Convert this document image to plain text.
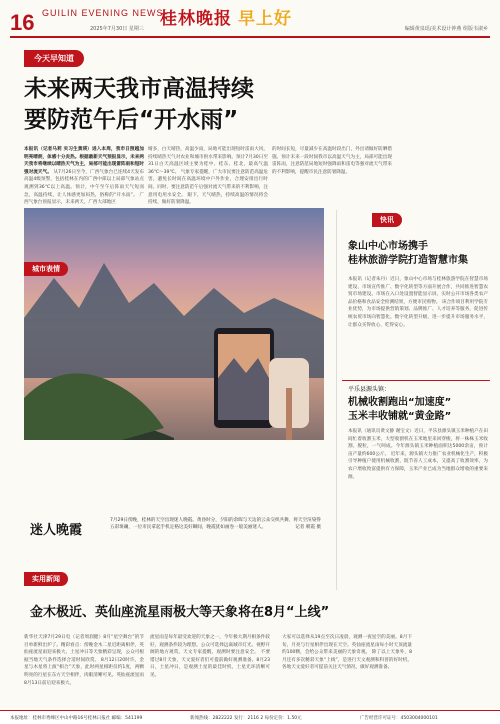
16 GUILIN EVENING NEWS
2025年7月30日 星期三 桂林晚报 早上好	编辑黄泉瑶/美术设计钟燕 组版韦淑乡
今天早知道
未来两天我市高温持续
要防范午后“开水雨”
本报讯（记者马莉 实习生黄瑛）进入本周，我市日照越加明亮晴朗，体感十分炎热。根据最新天气预报显示，未来两天我市将继续以晴热天气为主，局部可能出现雷阵雨和短时强对流天气。 从7月26日至今，广西气象台已连续4天发布高温4级预警，包括桂林在内的广西中部以上局部气象站点观测到36℃以上高温。预计，中午至午后阵雨天气短而急，高温持续，让人体感更加闷热，俗称的“开水雨”。 广西气象台预报显示，未来两天，广西大部地区
晴多，白天晴热，高温少雨，局地可能出现短时雷雨大风，持续晴热天气对农业和城市供水带来影响。预计7月30日至31日白天高温区域主要为桂中、桂东、桂北，最高气温36℃～39℃。 气象专家提醒，广大市民要注意防范高温危害，避免长时间在高温环境中户外作业，合理安排出行时间。同时，要注意防范午后强对流天气带来的不利影响，注意用电用水安全。 眼下，天气晴热，持续高温的情况将会持续，做好防暑降温。
的时间长短，尽量减少在高温时段出门，外出请做好防晒措施。预计未来一段时间我市以高温天气为主，局部可能出现雷阵雨，注意防范局地短时强降雨和雷电等强对流天气带来的不利影响，提醒市民注意防暑降温。
城市表情
迷人晚霞
7月29日傍晚，桂林的天空出现迷人晚霞。黄昏时分，夕阳的余晖与天边的云朵交织共舞，将天空渲染得五彩斑斓，一位市民拿起手机定格这美好瞬间，晚霞犹如画卷一般美丽迷人。	记者 朝霞 摄
快讯
象山中心市场携手
桂林旅游学院打造智慧市集
本报讯（记者朱丹）近日，象山中心市场与桂林旅游学院在智慧市场建设、市场宣传推广、数字化转型等方面开展合作，共同推进智慧农贸市场建设。市场在入口处设置智能显示屏，实时公开市场各类农产品价格和食品安全检测结果，方便市民购物。 该合作项目利用学院专业优势，为市场提供营销策划、品牌推广、人才培养等服务，促进传统农贸市场向智慧化、数字化转型升级，进一步提升市场服务水平，让群众买得放心、吃得安心。
平乐县源头镇：
机械收割跑出“加速度”
玉米丰收铺就“黄金路”
本报讯（通讯员黄文静 谢宝文）近日，平乐县源头镇玉米种植户在田间忙着收割玉米，大型收割机在玉米地里来回穿梭，将一株株玉米收割、脱粒，一气呵成。今年源头镇玉米种植面积达5000余亩，预计亩产量约600公斤。 近年来，源头镇大力推广农业机械化生产，积极引导种植户使用机械收割，既节省人工成本，又提高了收割效率，为农户增收致富提供有力保障，玉米产业已成为当地群众增收的重要来源。
实用新闻
金木极近、英仙座流星雨极大等天象将在8月“上线”
新华社天津7月29日电（记者周润健）8月“星空舞台”的节目单新鲜出炉了。精彩看点：傍晚金木二星近距离相伴，英仙座流星雨迎来极大，土星冲日等天象精彩呈现，公众可根据当地天气条件选择合适时间欣赏。 8月12日20时许，金星与木星将上演“相合”天象，此时两星相距仅约1度，两颗明亮的行星在东方天空相伴，肉眼清晰可见。英仙座流星雨8月13日前后迎来极大。
流星雨是每年最受欢迎的天象之一，今年极大期月相条件较好，观测条件较为理想。公众可选择远离城市灯光、视野开阔的地方观赏。天文专家提醒，观测时要注意安全。 不要错过8月天象，天文爱好者们可提前做好观测准备。8月23日，土星冲日，是观测土星的最佳时机，土星光环清晰可见。
大家可以选择从19点至次日凌晨，观测一夜星空的美丽。8月下旬，月亮与行星相伴出现在天空。英仙座流星雨每小时天顶流量约100颗，会给公众带来美丽的天象奇观。 除了以上天象外，8月还有多次精彩天象“上线”，是进行天文观测和科普的好时机，各地天文爱好者可提前关注天气情况，做好观测准备。
本报地址：桂林市秀峰区中山中路16号桂林日报社 邮编：541199	新闻热线：2822222 发行：2116 2 每份定价：1.50元	广告经营许可证号：4503004000101
